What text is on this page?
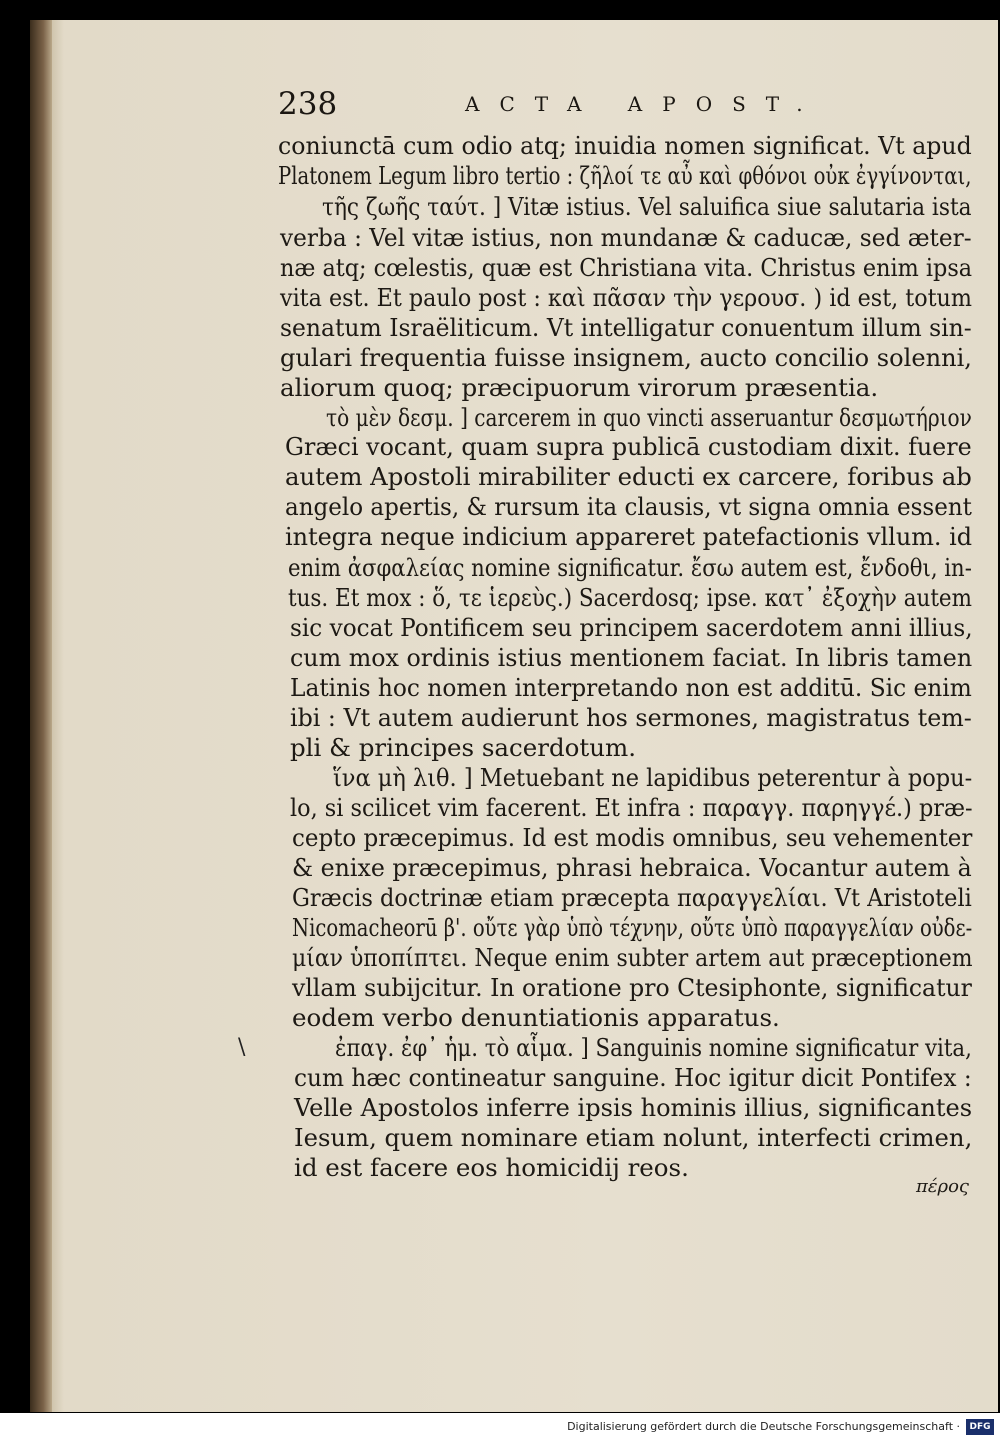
238	ACTA APOST.
coniunctā cum odio atq; inuidia nomen significat. Vt apud
Platonem Legum libro tertio : ζῆλοί τε αὖ καὶ φθόνοι οὐκ ἐγγίνονται,
τῆς ζωῆς ταύτ. ] Vitæ istius. Vel saluifica siue salutaria ista
verba : Vel vitæ istius, non mundanæ & caducæ, sed æter-
næ atq; cœlestis, quæ est Christiana vita. Christus enim ipsa
vita est. Et paulo post : καὶ πᾶσαν τὴν γερουσ. ) id est, totum
senatum Israëliticum. Vt intelligatur conuentum illum sin-
gulari frequentia fuisse insignem, aucto concilio solenni,
aliorum quoq; præcipuorum virorum præsentia.
τὸ μὲν δεσμ. ] carcerem in quo vincti asseruantur δεσμωτήριον
Græci vocant, quam supra publicā custodiam dixit. fuere
autem Apostoli mirabiliter educti ex carcere, foribus ab
angelo apertis, & rursum ita clausis, vt signa omnia essent
integra neque indicium appareret patefactionis vllum. id
enim ἀσφαλείας nomine significatur. ἔσω autem est, ἔνδοθι, in-
tus. Et mox : ὅ, τε ἱερεὺς.) Sacerdosq; ipse. κατ᾽ ἐξοχὴν autem
sic vocat Pontificem seu principem sacerdotem anni illius,
cum mox ordinis istius mentionem faciat. In libris tamen
Latinis hoc nomen interpretando non est additū. Sic enim
ibi : Vt autem audierunt hos sermones, magistratus tem-
pli & principes sacerdotum.
ἵνα μὴ λιθ. ] Metuebant ne lapidibus peterentur à popu-
lo, si scilicet vim facerent. Et infra : παραγγ. παρηγγέ.) præ-
cepto præcepimus. Id est modis omnibus, seu vehementer
& enixe præcepimus, phrasi hebraica. Vocantur autem à
Græcis doctrinæ etiam præcepta παραγγελίαι. Vt Aristoteli
Nicomacheorū β'. οὔτε γὰρ ὑπὸ τέχνην, οὔτε ὑπὸ παραγγελίαν οὐδε-
μίαν ὑποπίπτει. Neque enim subter artem aut præceptionem
vllam subijcitur. In oratione pro Ctesiphonte, significatur
eodem verbo denuntiationis apparatus.
ἐπαγ. ἐφ᾽ ἡμ. τὸ αἷμα. ] Sanguinis nomine significatur vita,
cum hæc contineatur sanguine. Hoc igitur dicit Pontifex :
Velle Apostolos inferre ipsis hominis illius, significantes
Iesum, quem nominare etiam nolunt, interfecti crimen,
id est facere eos homicidij reos.
\
πέρος
Digitalisierung gefördert durch die Deutsche Forschungsgemeinschaft ·	DFG
